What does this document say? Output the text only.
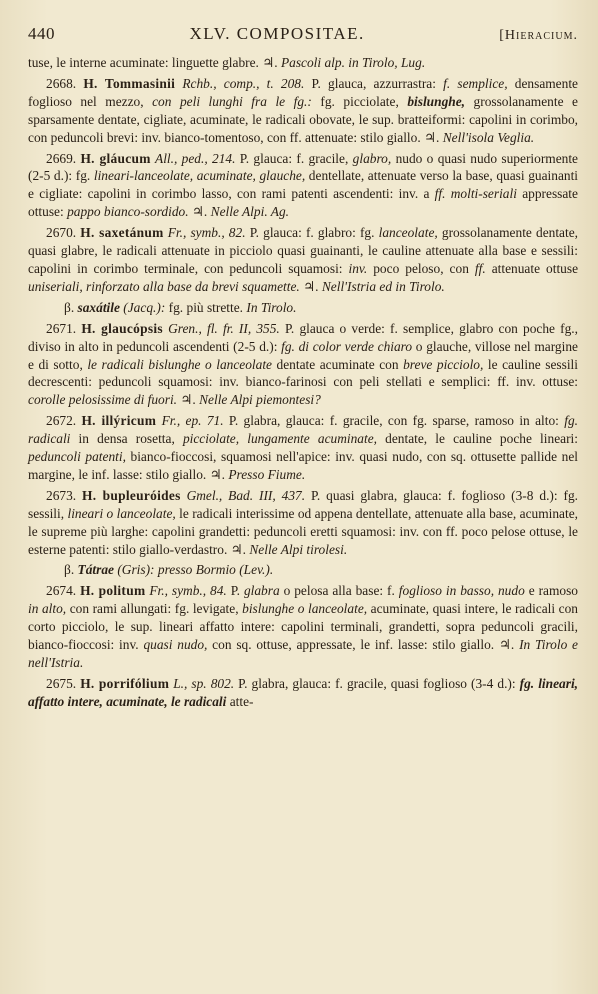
440	XLV. COMPOSITAE.	[Hieracium.

tuse, le interne acuminate: linguette glabre. ♃. Pascoli alp. in Tirolo, Lug.

2668. H. Tommasinii Rchb., comp., t. 208. P. glauca, azzurrastra: f. semplice, densamente foglioso nel mezzo, con peli lunghi fra le fg.: fg. picciolate, bislunghe, grossolanamente e sparsamente dentate, cigliate, acuminate, le radicali obovate, le sup. bratteiformi: capolini in corimbo, con peduncoli brevi: inv. bianco-tomentoso, con ff. attenuate: stilo giallo. ♃. Nell'isola Veglia.

2669. H. gláucum All., ped., 214. P. glauca: f. gracile, glabro, nudo o quasi nudo superiormente (2-5 d.): fg. lineari-lanceolate, acuminate, glauche, dentellate, attenuate verso la base, quasi guainanti e cigliate: capolini in corimbo lasso, con rami patenti ascendenti: inv. a ff. molti-seriali appressate ottuse: pappo bianco-sordido. ♃. Nelle Alpi. Ag.

2670. H. saxetánum Fr., symb., 82. P. glauca: f. glabro: fg. lanceolate, grossolanamente dentate, quasi glabre, le radicali attenuate in picciolo quasi guainanti, le cauline attenuate alla base e sessili: capolini in corimbo terminale, con peduncoli squamosi: inv. poco peloso, con ff. attenuate ottuse uniseriali, rinforzato alla base da brevi squamette. ♃. Nell'Istria ed in Tirolo.

β. saxátile (Jacq.): fg. più strette. In Tirolo.

2671. H. glaucópsis Gren., fl. fr. II, 355. P. glauca o verde: f. semplice, glabro con poche fg., diviso in alto in peduncoli ascendenti (2-5 d.): fg. di color verde chiaro o glauche, villose nel margine e di sotto, le radicali bislunghe o lanceolate dentate acuminate con breve picciolo, le cauline sessili decrescenti: peduncoli squamosi: inv. bianco-farinosi con peli stellati e semplici: ff. inv. ottuse: corolle pelosissime di fuori. ♃. Nelle Alpi piemontesi?

2672. H. illýricum Fr., ep. 71. P. glabra, glauca: f. gracile, con fg. sparse, ramoso in alto: fg. radicali in densa rosetta, picciolate, lungamente acuminate, dentate, le cauline poche lineari: peduncoli patenti, bianco-fioccosi, squamosi nell'apice: inv. quasi nudo, con sq. ottusette pallide nel margine, le inf. lasse: stilo giallo. ♃. Presso Fiume.

2673. H. bupleuróides Gmel., Bad. III, 437. P. quasi glabra, glauca: f. foglioso (3-8 d.): fg. sessili, lineari o lanceolate, le radicali interissime od appena dentellate, attenuate alla base, acuminate, le supreme più larghe: capolini grandetti: peduncoli eretti squamosi: inv. con ff. poco pelose ottuse, le esterne patenti: stilo giallo-verdastro. ♃. Nelle Alpi tirolesi.

β. Tátrae (Gris): presso Bormio (Lev.).

2674. H. politum Fr., symb., 84. P. glabra o pelosa alla base: f. foglioso in basso, nudo e ramoso in alto, con rami allungati: fg. levigate, bislunghe o lanceolate, acuminate, quasi intere, le radicali con corto picciolo, le sup. lineari affatto intere: capolini terminali, grandetti, sopra peduncoli gracili, bianco-fioccosi: inv. quasi nudo, con sq. ottuse, appressate, le inf. lasse: stilo giallo. ♃. In Tirolo e nell'Istria.

2675. H. porrifólium L., sp. 802. P. glabra, glauca: f. gracile, quasi foglioso (3-4 d.): fg. lineari, affatto intere, acuminate, le radicali atte-
